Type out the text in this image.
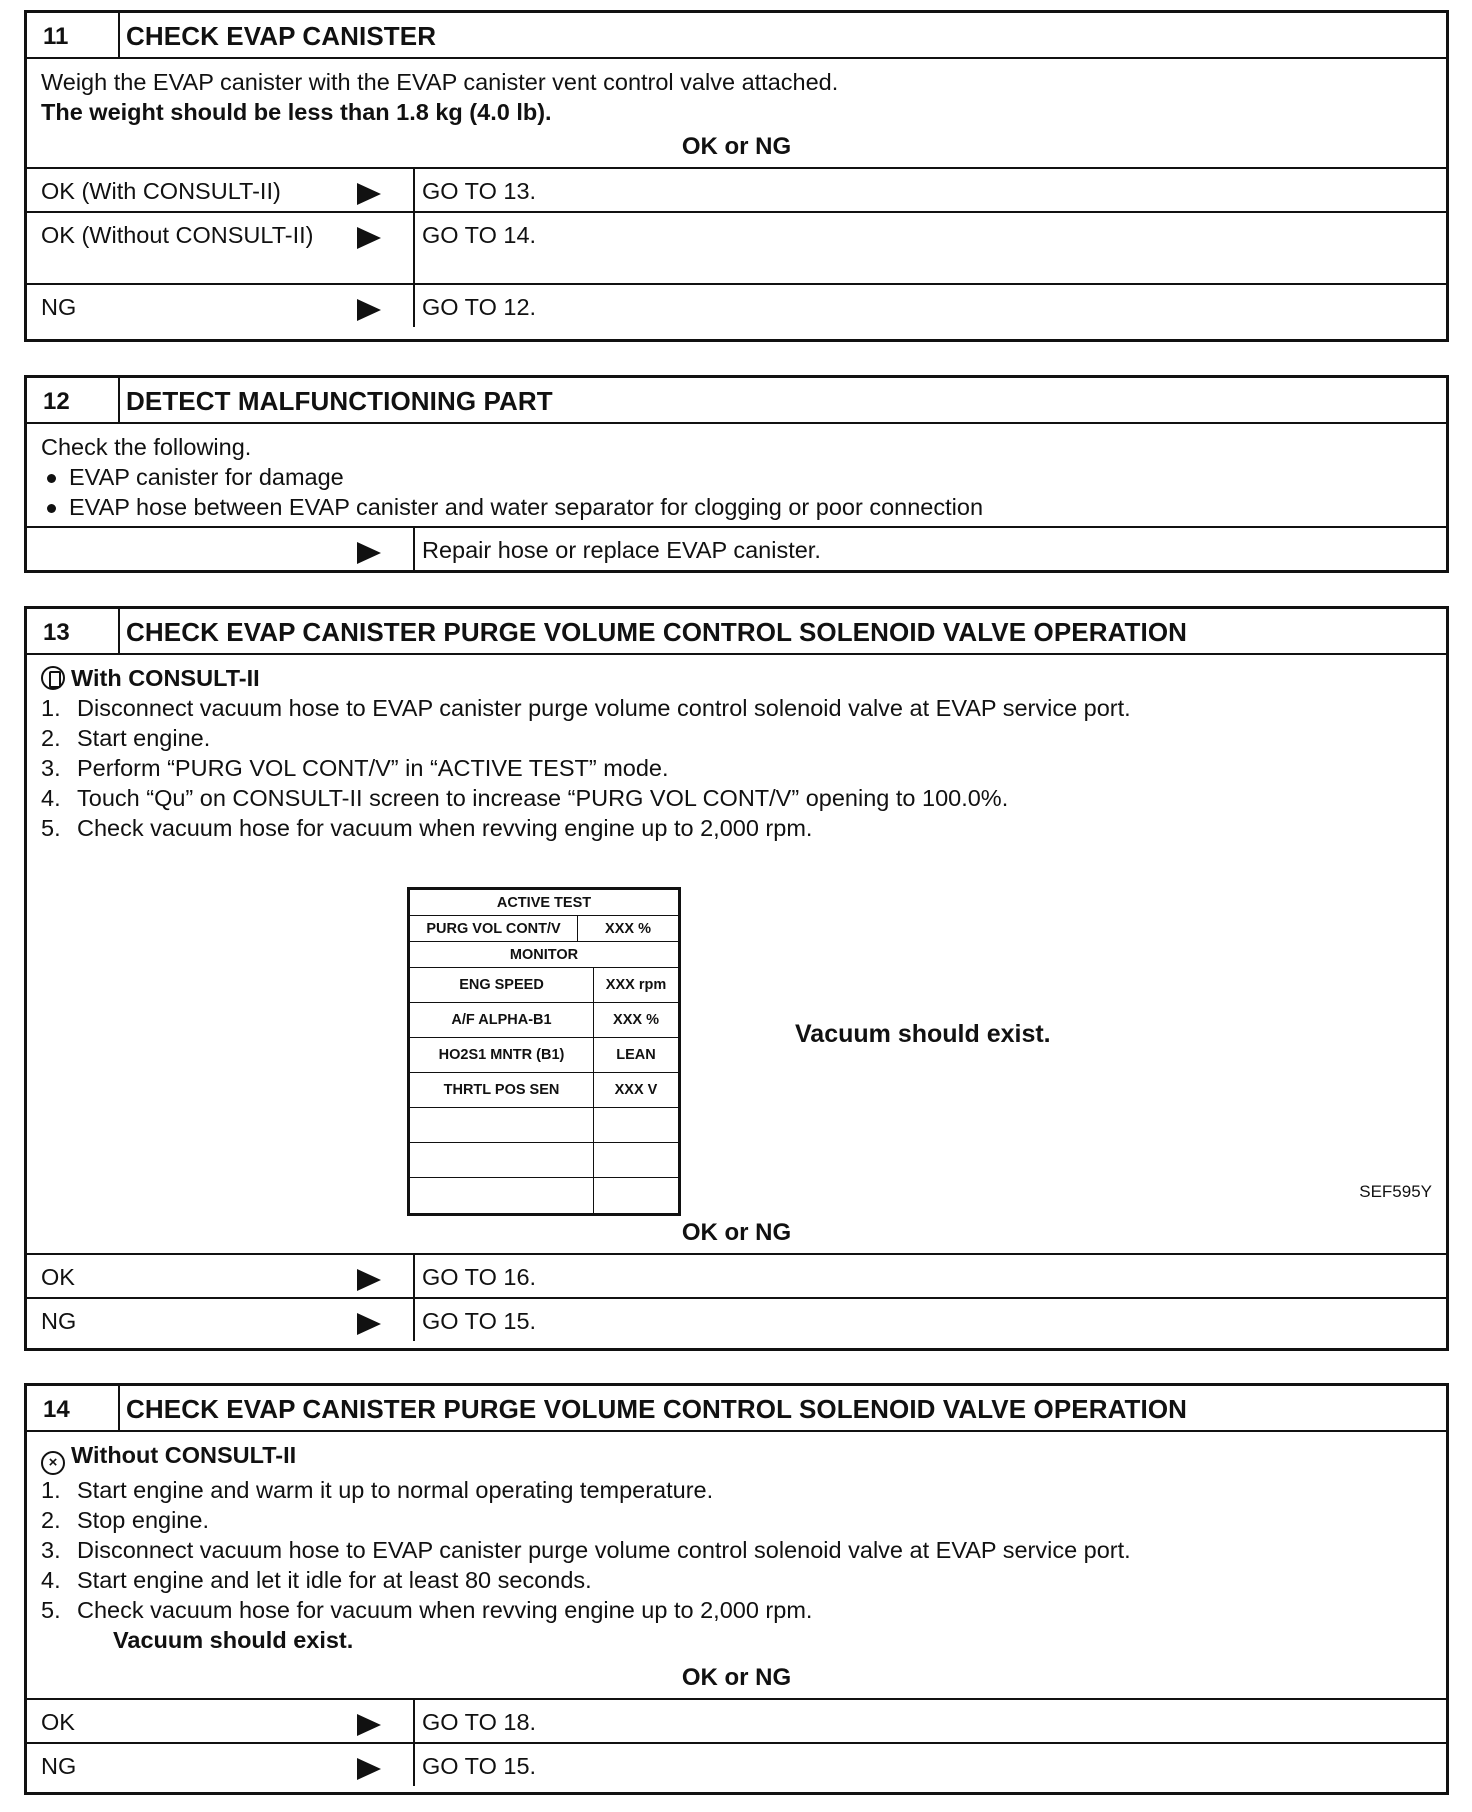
11	CHECK EVAP CANISTER

Weigh the EVAP canister with the EVAP canister vent control valve attached.

The weight should be less than 1.8 kg (4.0 lb).

OK or NG
OK (With CONSULT-II)	GO TO 13.
OK (Without CONSULT-II)	GO TO 14.
NG	GO TO 12.
12	DETECT MALFUNCTIONING PART

Check the following.

EVAP canister for damage
EVAP hose between EVAP canister and water separator for clogging or poor connection
Repair hose or replace EVAP canister.
13	CHECK EVAP CANISTER PURGE VOLUME CONTROL SOLENOID VALVE OPERATION

With CONSULT-II

1. Disconnect vacuum hose to EVAP canister purge volume control solenoid valve at EVAP service port.
2. Start engine.
3. Perform “PURG VOL CONT/V” in “ACTIVE TEST” mode.
4. Touch “Qu” on CONSULT-II screen to increase “PURG VOL CONT/V” opening to 100.0%.
5. Check vacuum hose for vacuum when revving engine up to 2,000 rpm.
ACTIVE TEST
PURG VOL CONT/V	XXX %
MONITOR
ENG SPEED	XXX rpm
A/F ALPHA-B1	XXX %
HO2S1 MNTR (B1)	LEAN
THRTL POS SEN	XXX V
Vacuum should exist.
SEF595Y
OK or NG
OK	GO TO 16.
NG	GO TO 15.
14	CHECK EVAP CANISTER PURGE VOLUME CONTROL SOLENOID VALVE OPERATION

× Without CONSULT-II

1. Start engine and warm it up to normal operating temperature.
2. Stop engine.
3. Disconnect vacuum hose to EVAP canister purge volume control solenoid valve at EVAP service port.
4. Start engine and let it idle for at least 80 seconds.
5. Check vacuum hose for vacuum when revving engine up to 2,000 rpm.

Vacuum should exist.

OK or NG
OK	GO TO 18.
NG	GO TO 15.
